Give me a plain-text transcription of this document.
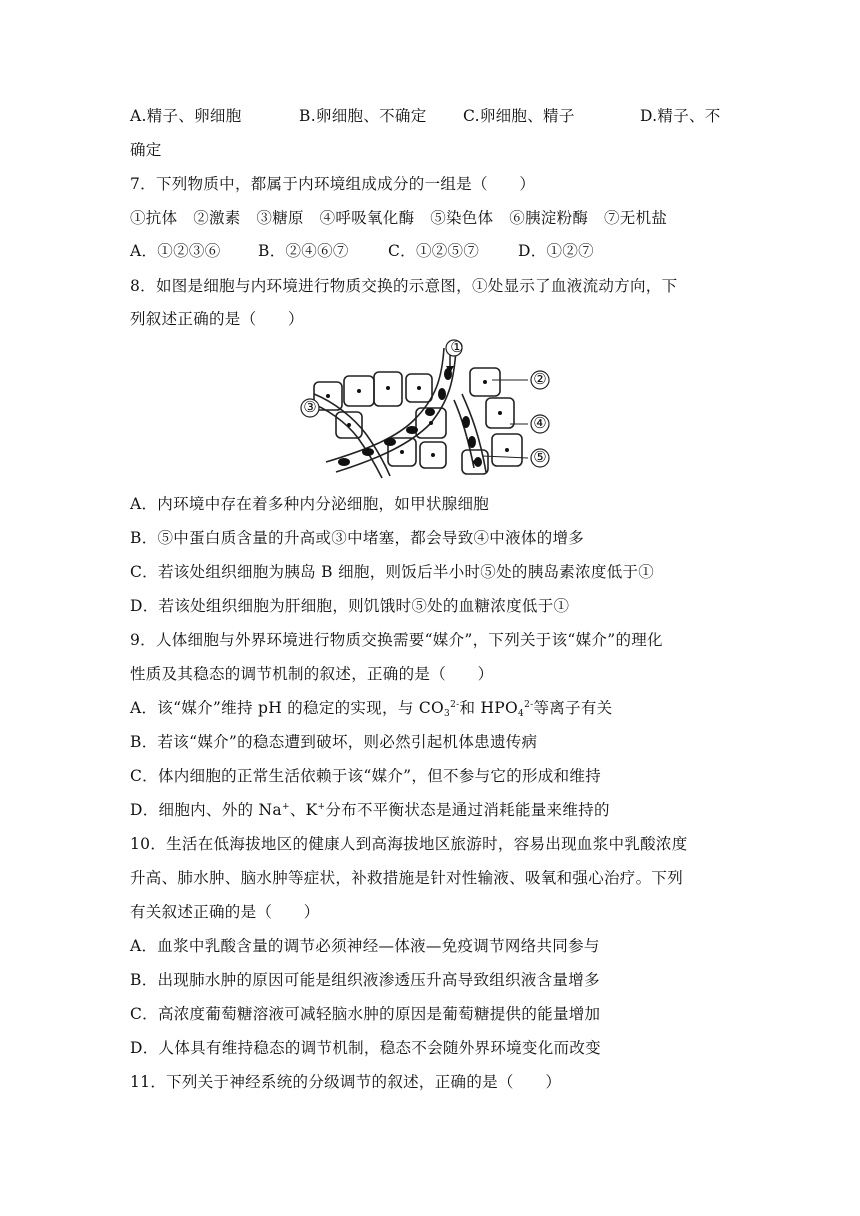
A.精子、卵细胞	B.卵细胞、不确定 C.卵细胞、精子	D.精子、不
确定
7．下列物质中，都属于内环境组成成分的一组是（　　）
①抗体　②激素　③糖原　④呼吸氧化酶　⑤染色体　⑥胰淀粉酶　⑦无机盐
A．①②③⑥ B．②④⑥⑦	C．①②⑤⑦	D．①②⑦
8．如图是细胞与内环境进行物质交换的示意图，①处显示了血液流动方向，下
列叙述正确的是（　　）
①
②
③
④
⑤
A．内环境中存在着多种内分泌细胞，如甲状腺细胞
B．⑤中蛋白质含量的升高或③中堵塞，都会导致④中液体的增多
C．若该处组织细胞为胰岛 B 细胞，则饭后半小时⑤处的胰岛素浓度低于①
D．若该处组织细胞为肝细胞，则饥饿时⑤处的血糖浓度低于①
9．人体细胞与外界环境进行物质交换需要“媒介”，下列关于该“媒介”的理化
性质及其稳态的调节机制的叙述，正确的是（　　）
A．该“媒介”维持 pH 的稳定的实现，与 $CO_3^{2-}$和 $HPO_4^{2-}$等离子有关
B．若该“媒介”的稳态遭到破坏，则必然引起机体患遗传病
C．体内细胞的正常生活依赖于该“媒介”，但不参与它的形成和维持
D．细胞内、外的 Na+、K+分布不平衡状态是通过消耗能量来维持的
10．生活在低海拔地区的健康人到高海拔地区旅游时，容易出现血浆中乳酸浓度
升高、肺水肿、脑水肿等症状，补救措施是针对性输液、吸氧和强心治疗。下列
有关叙述正确的是（　　）
A．血浆中乳酸含量的调节必须神经—体液—免疫调节网络共同参与
B．出现肺水肿的原因可能是组织液渗透压升高导致组织液含量增多
C．高浓度葡萄糖溶液可减轻脑水肿的原因是葡萄糖提供的能量增加
D．人体具有维持稳态的调节机制，稳态不会随外界环境变化而改变
11．下列关于神经系统的分级调节的叙述，正确的是（　　）
